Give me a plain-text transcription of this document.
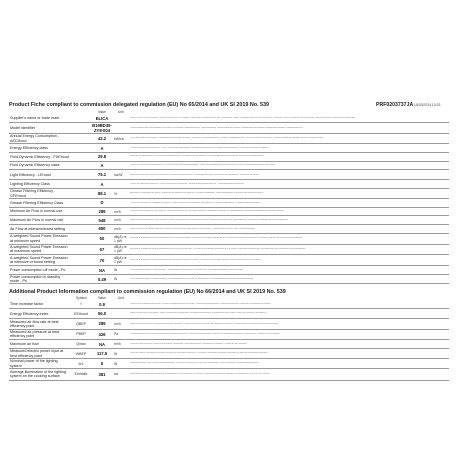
Product Fiche compliant to commission delegated regulation (EU) No 65/2014 and UK SI 2019 No. 539	PRF0203737JA 15/03/2024 10:33
Value	Unit
Supplier's name or trade mark		ELICA		Nome o marchio del fornitore. Nom du fournisseur ou marque. Name oder Warenzeichen des Lieferanten. Naam of handelsmerk van de leverancier. Nombre o marca comercial del proveedor. Nome ou marca comercial do fornecedor.

Model identifier		B19BD39-ZY8-004		Codice identificativo del modello. Référence du modèle. Modellkennung. Typeaanduiding. Identificador del modelo. Identificador do modelo. Identyfikator modelu. Modellazonosító.

Annual Energy Consumption - AECHood		42.2	kWh/a	Consumo annuo di energia. Consommation d'énergie annuelle. Jährlicher Energieverbrauch. Jaarlijks energieverbruik. Consumo anual de energía. Consumo anual de energia. Roczne zużycie energii.

Energy Efficiency class		A		Classe di efficienza energetica. Classe d'efficacité énergétique. Energieeffizienzklasse. Energie-efficiëntieklasse. Clase de eficiencia energética.

Fluid Dynamic Efficiency - FDEhood		29.8		Efficienza fluidodinamica. Efficacité fluidodynamique. Fluiddynamische Effizienz. Vloeistofdynamische efficiëntie. Eficiencia fluidodinámica.

Fluid Dynamic Efficiency class		A		Classe di efficienza fluidodinamica. Classe d'efficacité fluidodynamique. Klasse der fluiddynamischen Effizienz. Klasse vloeistofdynamische efficiëntie.

Light Efficiency - LEhood		75.1	lux/W	Efficienza luminosa. Efficacité lumineuse. Beleuchtungseffizienz. Verlichtingsefficiëntie. Eficiencia de iluminación. Eficiência luminosa.

Lighting Efficiency Class		A		Classe di efficienza luminosa. Classe d'efficacité lumineuse. Beleuchtungseffizienzklasse. Verlichtingsefficiëntieklasse.

Grease Filtering Efficiency - GFEhood		88.1	%	Efficienza di filtraggio dei grassi. Efficacité de filtration des graisses. Fettabscheidegrad. Vetfilterrendement. Eficiencia de filtrado de grasa.

Grease Filtering Efficiency Class		D		Classe di efficienza di filtraggio dei grassi. Classe d'efficacité de filtration des graisses. Fettabscheideklasse. Vetfilterrendementsklasse.

Minimum Air Flow in normal use		289	m³/h	Portata d'aria minima in uso normale. Débit d'air minimal en utilisation normale. Minimaler Luftstrom im Normalbetrieb. Minimaal luchtdebiet bij normaal gebruik.

Maximum Air Flow in normal use		548	m³/h	Portata d'aria massima in uso normale. Débit d'air maximal en utilisation normale. Maximaler Luftstrom im Normalbetrieb. Maximaal luchtdebiet bij normaal gebruik.

Air Flow at intensive/boost setting		650	m³/h	Portata d'aria in modalità intensiva o boost. Débit d'air en mode intensif ou accéléré. Luftstrom bei Intensiv- oder Schnelllaufstufe.

A-weighted Sound Power Emission at minimum speed		50	dB(A) re 1 pW	Emissione di potenza sonora ponderata A alla velocità minima. Puissance acoustique pondérée A à la vitesse minimale. A-bewertete Schallleistung bei minimaler Geschwindigkeit.

A-weighted Sound Power Emission at maximum speed		67	dB(A) re 1 pW	Emissione di potenza sonora ponderata A alla velocità massima. Puissance acoustique pondérée A à la vitesse maximale. A-bewertete Schallleistung bei maximaler Geschwindigkeit.

A-weighted Sound Power Emission at intensive or boost setting		70	dB(A) re 1 pW	Emissione di potenza sonora ponderata A in modalità intensiva o boost. Puissance acoustique pondérée A en mode intensif ou accéléré.

Power consumption off mode - Po		NA	W	Consumo di energia in modo spento. Consommation d'électricité en mode arrêt. Leistungsaufnahme im Aus-Zustand.

Power consumption in standby mode - Ps		0.49	W	Consumo di energia in modo stand-by. Consommation d'électricité en mode veille. Leistungsaufnahme im Bereitschaftszustand.
Additional Product Information compliant to commission regulation (EU) No 66/2014 and UK SI 2019 No. 539
Symbol	Value	Unit
Time increase factor	f	0.9		Fattore di incremento del tempo. Facteur d'augmentation du temps. Zeitverlängerungsfaktor. Tijdstoenamefactor. Factor de incremento de tiempo.

Energy Efficiency Index	EEIhood	56.0		Indice di efficienza energetica. Indice d'efficacité énergétique. Energieeffizienzindex. Energie-efficiëntie-index. Índice de eficiencia energética.

Measured air flow rate at best efficiency point	QBEP	289	m³/h	Portata d'aria misurata nel punto di massima efficienza. Débit d'air mesuré au point de rendement maximal. Gemessener Luftvolumenstrom im Bestpunkt.

Measured air pressure at best efficiency point	PBEP	426	Pa	Pressione dell'aria misurata nel punto di massima efficienza. Pression d'air mesurée au point de rendement maximal. Gemessener Luftdruck im Bestpunkt.

Maximum air flow	Qmax	NA	m³/h	Portata d'aria massima. Débit d'air maximal. Maximaler Luftvolumenstrom. Maximaal luchtdebiet. Caudal de aire máximo.

Measured electric power input at best efficiency point	WBEP	117.5	W	Potenza elettrica assorbita misurata nel punto di massima efficienza. Puissance électrique absorbée mesurée au point de rendement maximal.

Nominal power of the lighting system	WL	5	W	Potenza nominale del sistema di illuminazione. Puissance nominale du système d'éclairage. Nennleistung des Beleuchtungssystems.

Average illumination of the lighting system on the cooking surface	Emiddle	381	lux	Illuminamento medio del sistema di illuminazione sulla superficie di cottura. Éclairement moyen du système d'éclairage sur la surface de cuisson.
